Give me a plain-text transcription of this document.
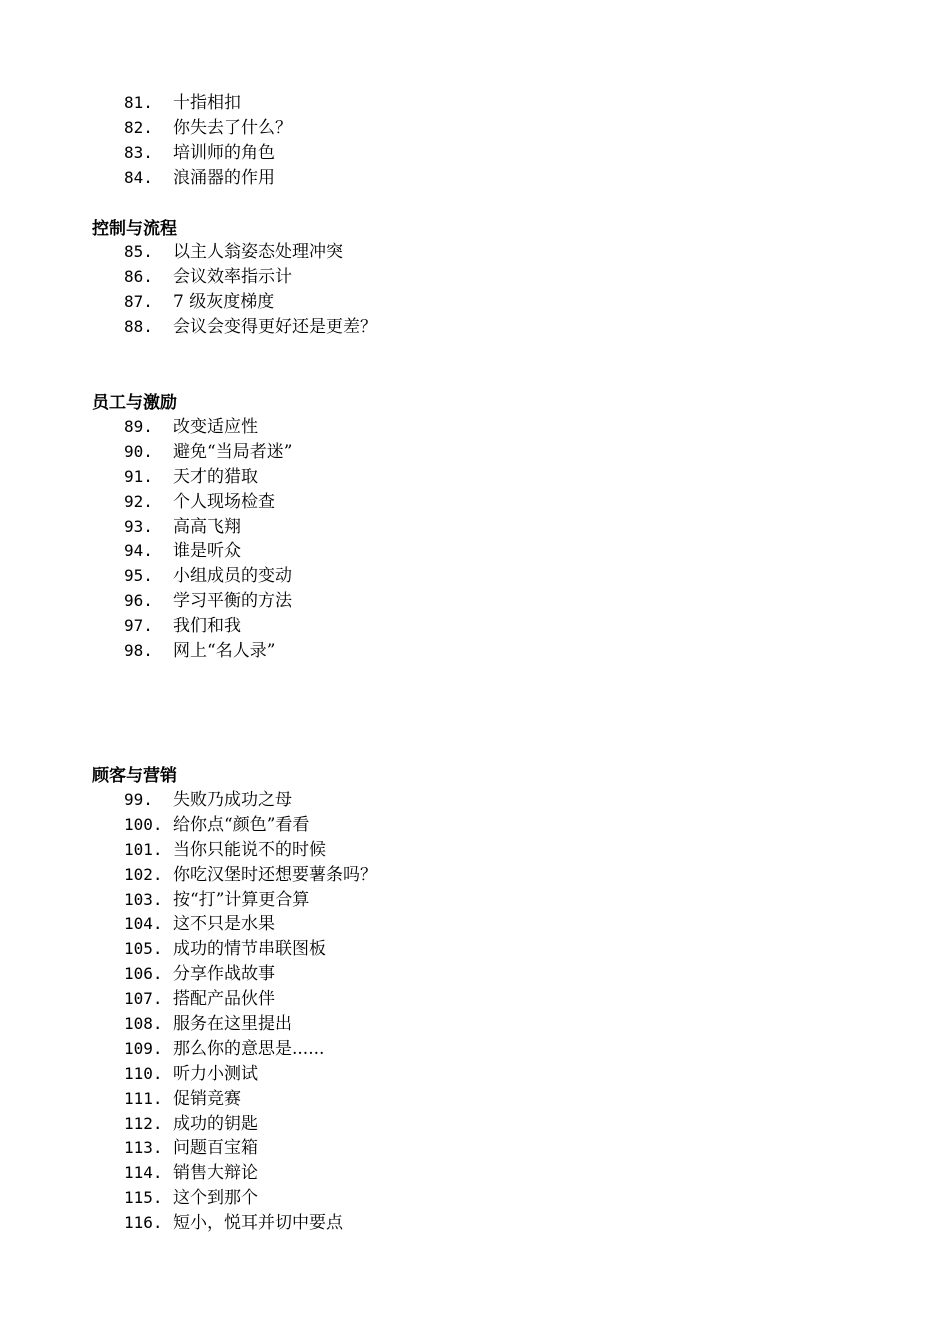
81. 十指相扣
82. 你失去了什么？
83. 培训师的角色
84. 浪涌器的作用
控制与流程
85. 以主人翁姿态处理冲突
86. 会议效率指示计
87. 7 级灰度梯度
88. 会议会变得更好还是更差？
员工与激励
89. 改变适应性
90. 避免“当局者迷”
91. 天才的猎取
92. 个人现场检查
93. 高高飞翔
94. 谁是听众
95. 小组成员的变动
96. 学习平衡的方法
97. 我们和我
98. 网上“名人录”
顾客与营销
99. 失败乃成功之母
100. 给你点“颜色”看看
101. 当你只能说不的时候
102. 你吃汉堡时还想要薯条吗？
103. 按“打”计算更合算
104. 这不只是水果
105. 成功的情节串联图板
106. 分享作战故事
107. 搭配产品伙伴
108. 服务在这里提出
109. 那么你的意思是......
110. 听力小测试
111. 促销竞赛
112. 成功的钥匙
113. 问题百宝箱
114. 销售大辩论
115. 这个到那个
116. 短小，悦耳并切中要点
